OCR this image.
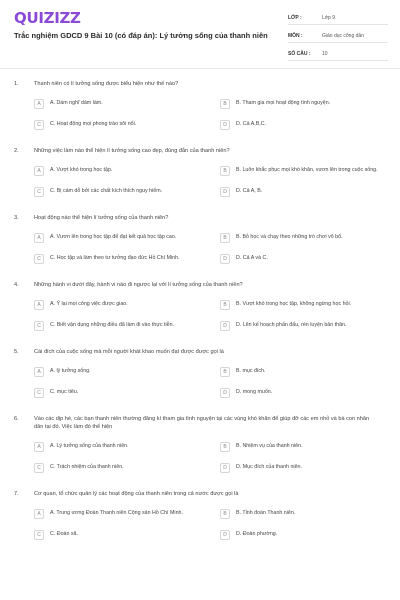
QUIZIZZ
Trắc nghiệm GDCD 9 Bài 10 (có đáp án): Lý tưởng sống của thanh niên
LỚP :	Lớp 9
MÔN :	Giáo dục công dân
SỐ CÂU :	10
1.	Thanh niên có lí tưởng sống được biểu hiện như thế nào?
A	A. Dám nghĩ dám làm.	B	B. Tham gia mọi hoạt động tình nguyện.
C	C. Hoạt động mọi phong trào sôi nổi.	D	D. Cả A,B,C.
2.	Những việc làm nào thể hiện lí tưởng sống cao đẹp, đúng đắn của thanh niên?
A	A. Vượt khó trong học tập.	B	B. Luôn khắc phục mọi khó khăn, vươn lên trong cuộc sống.
C	C. Bị cám dỗ bởi các chất kích thích nguy hiểm.	D	D. Cả A, B.
3.	Hoạt động nào thể hiện lí tưởng sống của thanh niên?
A	A. Vươn lên trong học tập để đạt kết quả học tập cao.	B	B. Bỏ học và chạy theo những trò chơi vô bổ.
C	C. Học tập và làm theo tư tưởng đạo đức Hồ Chí Minh.	D	D. Cả A và C.
4.	Những hành vi dưới đây, hành vi nào đi ngược lại với lí tưởng sống của thanh niên?
A	A. Ỷ lại mọi công việc được giao.	B	B. Vượt khó trong học tập, không ngừng học hỏi.
C	C. Biết vận dụng những điều đã làm đi vào thực tiễn.	D	D. Lên kế hoạch phấn đấu, rèn luyện bản thân.
5.	Cái đích của cuộc sống mà mỗi người khát khao muốn đạt được được gọi là
A	A. lý tưởng sống.	B	B. mục đích.
C	C. mục tiêu.	D	D. mong muốn.
6.	Vào các dịp hè, các bạn thanh niên thường đăng kí tham gia tình nguyện tại các vùng khó khăn để giúp đỡ các em nhỏ và bà con nhân dân tại đó. Việc làm đó thể hiện
A	A. Lý tưởng sống của thanh niên.	B	B. Nhiệm vụ của thanh niên.
C	C. Trách nhiệm của thanh niên.	D	D. Mục đích của thanh niên.
7.	Cơ quan, tổ chức quản lý các hoạt động của thanh niên trong cả nước được gọi là
A	A. Trung ương Đoàn Thanh niên Cộng sản Hồ Chí Minh.	B	B. Tỉnh đoàn Thanh niên.
C	C. Đoàn xã.	D	D. Đoàn phường.
